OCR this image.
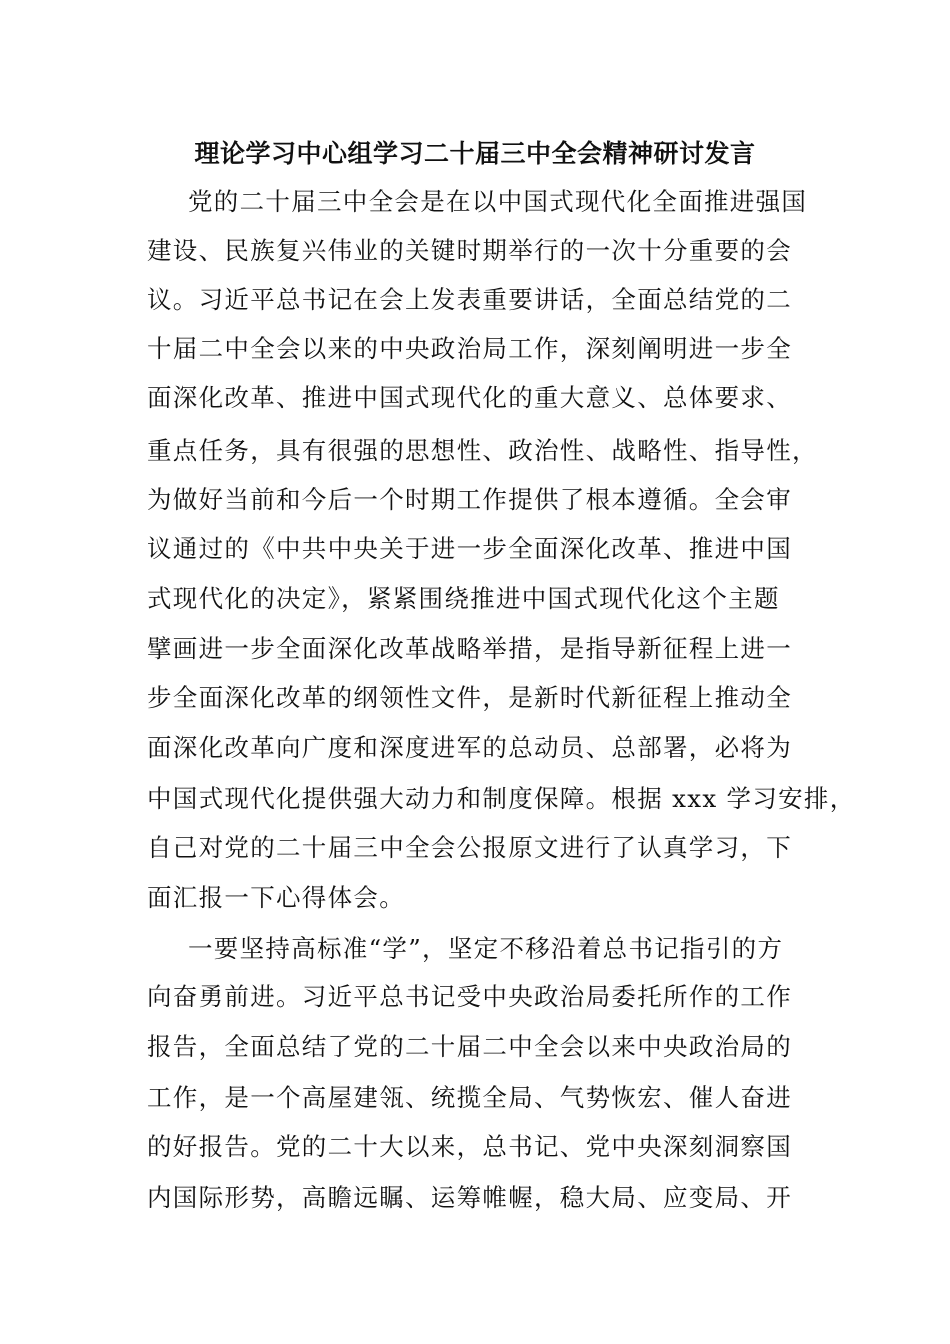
理论学习中心组学习二十届三中全会精神研讨发言
党的二十届三中全会是在以中国式现代化全面推进强国
建设、民族复兴伟业的关键时期举行的一次十分重要的会
议。习近平总书记在会上发表重要讲话，全面总结党的二
十届二中全会以来的中央政治局工作，深刻阐明进一步全
面深化改革、推进中国式现代化的重大意义、总体要求、
重点任务，具有很强的思想性、政治性、战略性、指导性，
为做好当前和今后一个时期工作提供了根本遵循。全会审
议通过的《中共中央关于进一步全面深化改革、推进中国
式现代化的决定》，紧紧围绕推进中国式现代化这个主题
擘画进一步全面深化改革战略举措，是指导新征程上进一
步全面深化改革的纲领性文件，是新时代新征程上推动全
面深化改革向广度和深度进军的总动员、总部署，必将为
中国式现代化提供强大动力和制度保障。根据 xxx 学习安排，
自己对党的二十届三中全会公报原文进行了认真学习，下
面汇报一下心得体会。
一要坚持高标准“学”，坚定不移沿着总书记指引的方
向奋勇前进。习近平总书记受中央政治局委托所作的工作
报告，全面总结了党的二十届二中全会以来中央政治局的
工作，是一个高屋建瓴、统揽全局、气势恢宏、催人奋进
的好报告。党的二十大以来，总书记、党中央深刻洞察国
内国际形势，高瞻远瞩、运筹帷幄，稳大局、应变局、开
